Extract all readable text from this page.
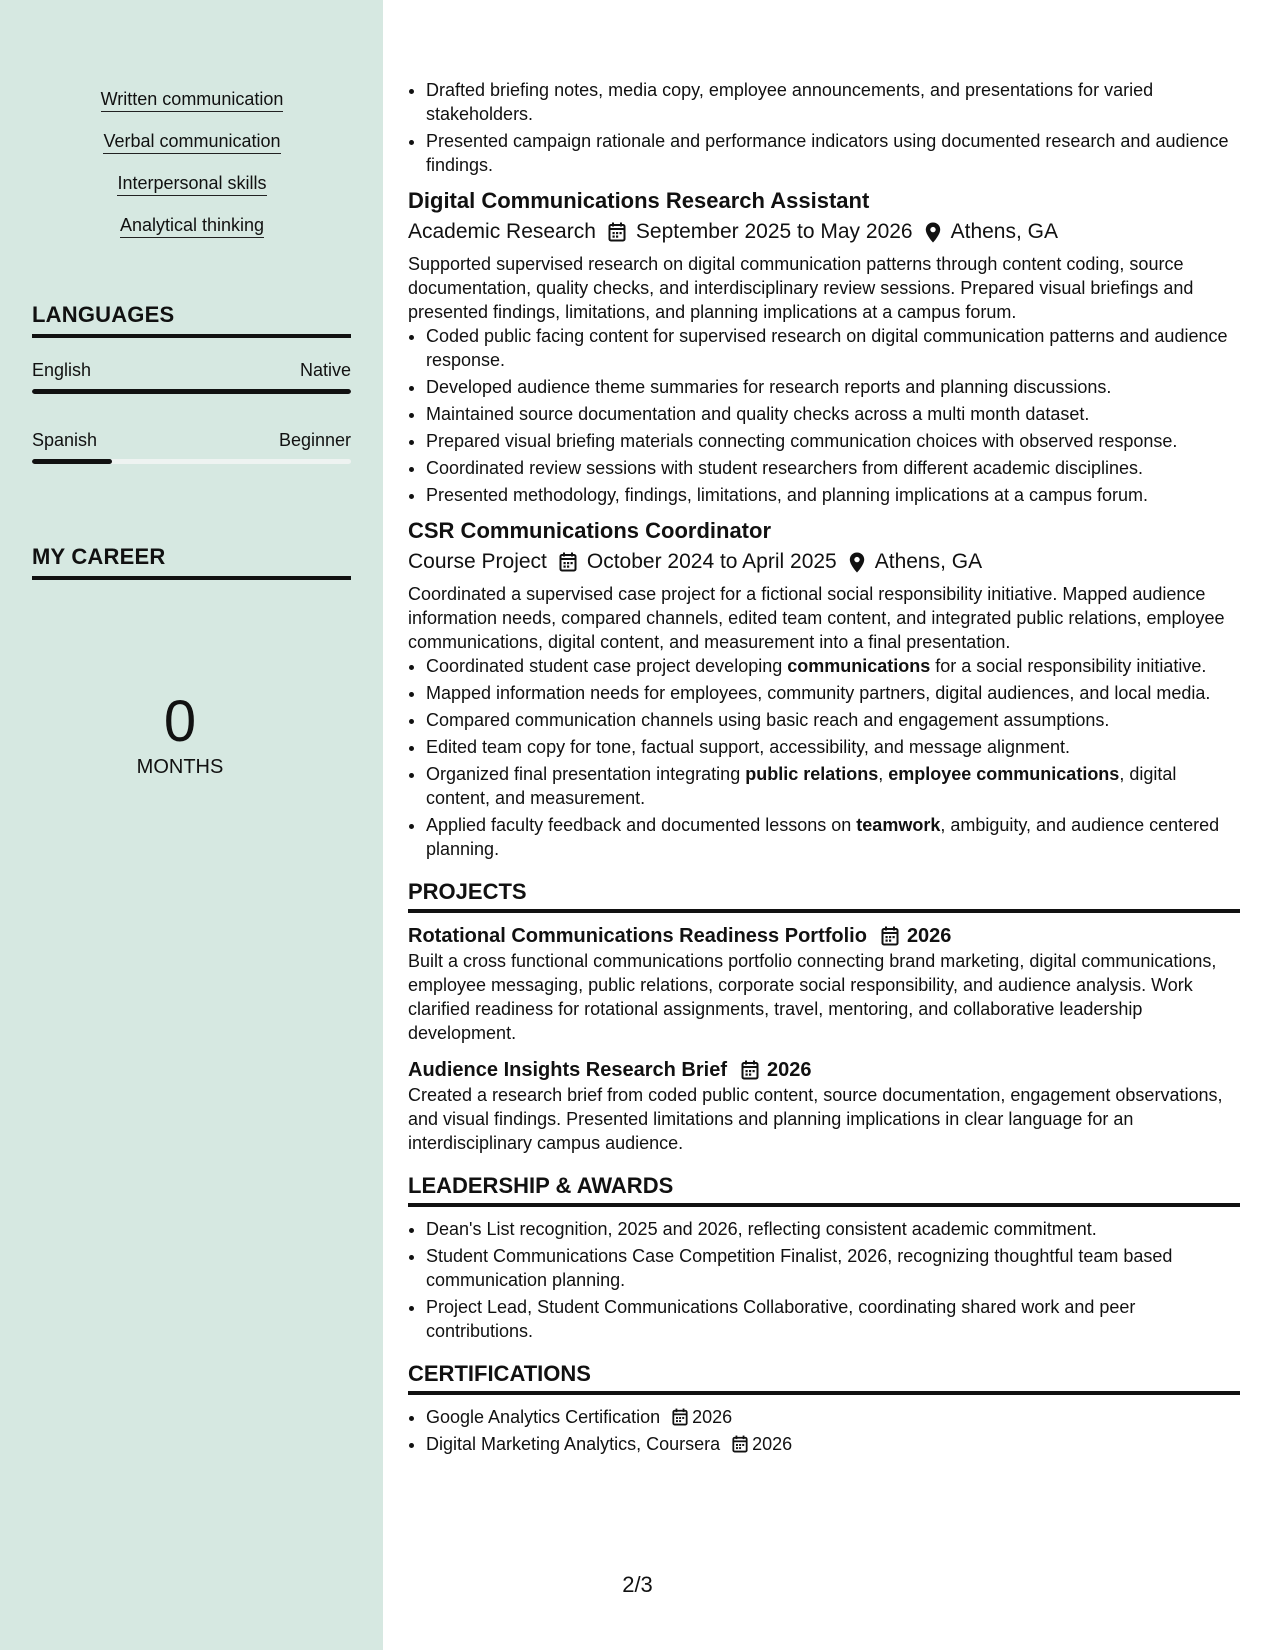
Written communication
Verbal communication
Interpersonal skills
Analytical thinking
LANGUAGES
English	Native
Spanish	Beginner
MY CAREER
0
MONTHS
• Drafted briefing notes, media copy, employee announcements, and presentations for varied stakeholders.
• Presented campaign rationale and performance indicators using documented research and audience findings.
Digital Communications Research Assistant
Academic Research September 2025 to May 2026 Athens, GA

Supported supervised research on digital communication patterns through content coding, source documentation, quality checks, and interdisciplinary review sessions. Prepared visual briefings and presented findings, limitations, and planning implications at a campus forum.

• Coded public facing content for supervised research on digital communication patterns and audience response.
• Developed audience theme summaries for research reports and planning discussions.
• Maintained source documentation and quality checks across a multi month dataset.
• Prepared visual briefing materials connecting communication choices with observed response.
• Coordinated review sessions with student researchers from different academic disciplines.
• Presented methodology, findings, limitations, and planning implications at a campus forum.
CSR Communications Coordinator
Course Project October 2024 to April 2025 Athens, GA

Coordinated a supervised case project for a fictional social responsibility initiative. Mapped audience information needs, compared channels, edited team content, and integrated public relations, employee communications, digital content, and measurement into a final presentation.

• Coordinated student case project developing communications for a social responsibility initiative.
• Mapped information needs for employees, community partners, digital audiences, and local media.
• Compared communication channels using basic reach and engagement assumptions.
• Edited team copy for tone, factual support, accessibility, and message alignment.
• Organized final presentation integrating public relations, employee communications, digital content, and measurement.
• Applied faculty feedback and documented lessons on teamwork, ambiguity, and audience centered planning.
PROJECTS
Rotational Communications Readiness Portfolio 2026

Built a cross functional communications portfolio connecting brand marketing, digital communications, employee messaging, public relations, corporate social responsibility, and audience analysis. Work clarified readiness for rotational assignments, travel, mentoring, and collaborative leadership development.

Audience Insights Research Brief 2026

Created a research brief from coded public content, source documentation, engagement observations, and visual findings. Presented limitations and planning implications in clear language for an interdisciplinary campus audience.

LEADERSHIP & AWARDS
• Dean's List recognition, 2025 and 2026, reflecting consistent academic commitment.
• Student Communications Case Competition Finalist, 2026, recognizing thoughtful team based communication planning.
• Project Lead, Student Communications Collaborative, coordinating shared work and peer contributions.
CERTIFICATIONS
• Google Analytics Certification 2026
• Digital Marketing Analytics, Coursera 2026
2/3
